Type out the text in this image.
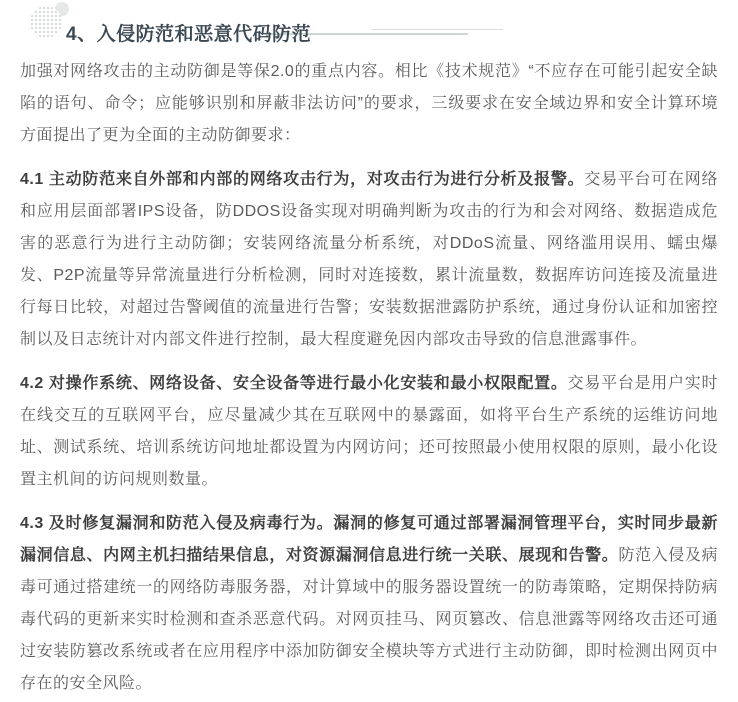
4、入侵防范和恶意代码防范

加强对网络攻击的主动防御是等保2.0的重点内容。相比《技术规范》“不应存在可能引起安全缺陷的语句、命令；应能够识别和屏蔽非法访问”的要求，三级要求在安全域边界和安全计算环境方面提出了更为全面的主动防御要求：

4.1 主动防范来自外部和内部的网络攻击行为，对攻击行为进行分析及报警。交易平台可在网络和应用层面部署IPS设备，防DDOS设备实现对明确判断为攻击的行为和会对网络、数据造成危害的恶意行为进行主动防御；安装网络流量分析系统，对DDoS流量、网络滥用误用、蠕虫爆发、P2P流量等异常流量进行分析检测，同时对连接数，累计流量数，数据库访问连接及流量进行每日比较，对超过告警阈值的流量进行告警；安装数据泄露防护系统，通过身份认证和加密控制以及日志统计对内部文件进行控制，最大程度避免因内部攻击导致的信息泄露事件。

4.2 对操作系统、网络设备、安全设备等进行最小化安装和最小权限配置。交易平台是用户实时在线交互的互联网平台，应尽量减少其在互联网中的暴露面，如将平台生产系统的运维访问地址、测试系统、培训系统访问地址都设置为内网访问；还可按照最小使用权限的原则，最小化设置主机间的访问规则数量。

4.3 及时修复漏洞和防范入侵及病毒行为。漏洞的修复可通过部署漏洞管理平台，实时同步最新漏洞信息、内网主机扫描结果信息，对资源漏洞信息进行统一关联、展现和告警。防范入侵及病毒可通过搭建统一的网络防毒服务器，对计算域中的服务器设置统一的防毒策略，定期保持防病毒代码的更新来实时检测和查杀恶意代码。对网页挂马、网页篡改、信息泄露等网络攻击还可通过安装防篡改系统或者在应用程序中添加防御安全模块等方式进行主动防御，即时检测出网页中存在的安全风险。
